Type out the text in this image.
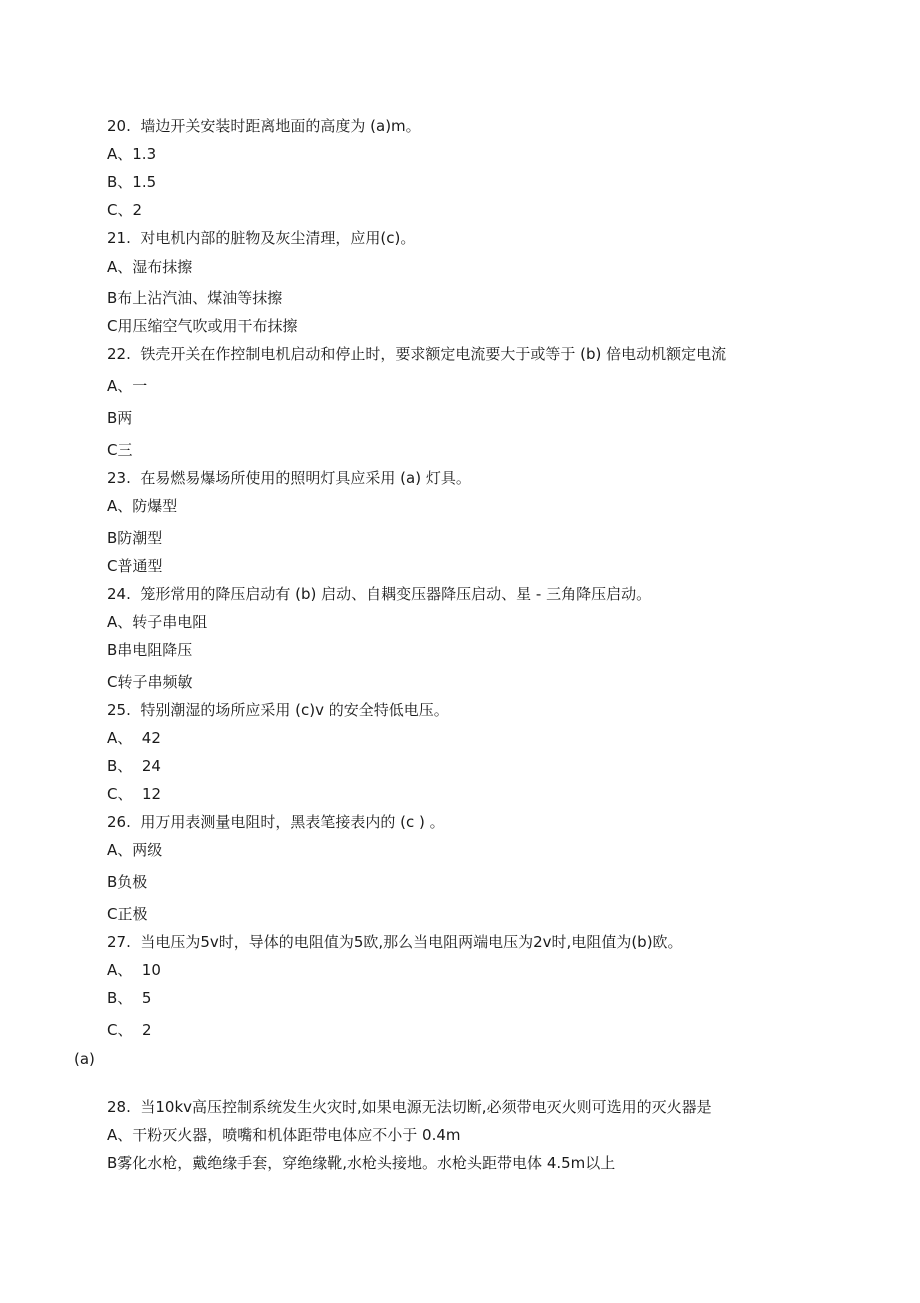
20.  墙边开关安装时距离地面的高度为 (a)m。
A、1.3
B、1.5
C、2
21.  对电机内部的脏物及灰尘清理，应用(c)。
A、湿布抹擦
B布上沾汽油、煤油等抹擦
C用压缩空气吹或用干布抹擦
22.  铁壳开关在作控制电机启动和停止时，要求额定电流要大于或等于 (b) 倍电动机额定电流
A、一
B两
C三
23.  在易燃易爆场所使用的照明灯具应采用 (a) 灯具。
A、防爆型
B防潮型
C普通型
24.  笼形常用的降压启动有 (b) 启动、自耦变压器降压启动、星 - 三角降压启动。
A、转子串电阻
B串电阻降压
C转子串频敏
25.  特别潮湿的场所应采用 (c)v 的安全特低电压。
A、  42
B、  24
C、  12
26.  用万用表测量电阻时，黑表笔接表内的 (c ) 。
A、两级
B负极
C正极
27.  当电压为5v时，导体的电阻值为5欧,那么当电阻两端电压为2v时,电阻值为(b)欧。
A、  10
B、  5
C、  2
(a)
28.  当10kv高压控制系统发生火灾时,如果电源无法切断,必须带电灭火则可选用的灭火器是
A、干粉灭火器，喷嘴和机体距带电体应不小于 0.4m
B雾化水枪，戴绝缘手套，穿绝缘靴,水枪头接地。水枪头距带电体 4.5m以上
